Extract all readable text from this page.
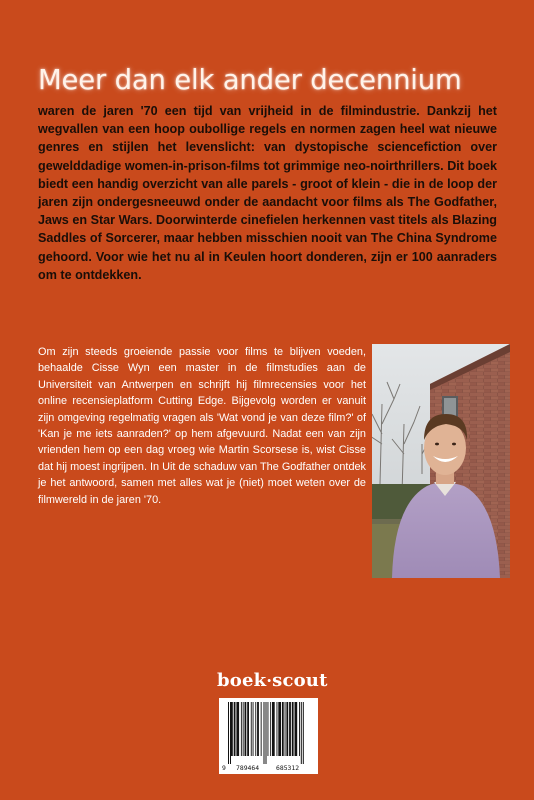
Meer dan elk ander decennium
waren de jaren '70 een tijd van vrijheid in de filmindustrie. Dankzij het wegvallen van een hoop oubollige regels en normen zagen heel wat nieuwe genres en stijlen het levenslicht: van dystopische sciencefiction over gewelddadige women-in-prison-films tot grimmige neo-noirthrillers. Dit boek biedt een handig overzicht van alle parels - groot of klein - die in de loop der jaren zijn ondergesneeuwd onder de aandacht voor films als The Godfather, Jaws en Star Wars. Doorwinterde cinefielen herkennen vast titels als Blazing Saddles of Sorcerer, maar hebben misschien nooit van The China Syndrome gehoord. Voor wie het nu al in Keulen hoort donderen, zijn er 100 aanraders om te ontdekken.
Om zijn steeds groeiende passie voor films te blijven voeden, behaalde Cisse Wyn een master in de filmstudies aan de Universiteit van Antwerpen en schrijft hij filmrecensies voor het online recensieplatform Cutting Edge. Bijgevolg worden er vanuit zijn omgeving regelmatig vragen als 'Wat vond je van deze film?' of 'Kan je me iets aanraden?' op hem afgevuurd. Nadat een van zijn vrienden hem op een dag vroeg wie Martin Scorsese is, wist Cisse dat hij moest ingrijpen. In Uit de schaduw van The Godfather ontdek je het antwoord, samen met alles wat je (niet) moet weten over de filmwereld in de jaren '70.
boek·scout
9 789464	685312
